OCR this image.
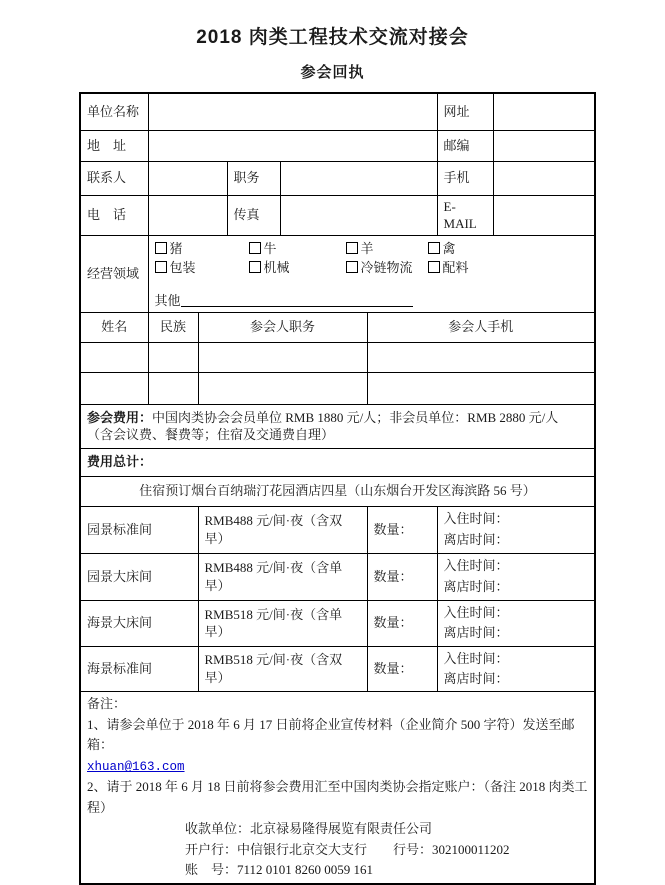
2018 肉类工程技术交流对接会
参会回执
单位名称						网址	
地　址						邮编	
联系人			职务			手机	
电　话			传真			E-MAIL	
经营领域	
猪	牛	羊	禽
包装	机械	冷链物流	配料
其他

姓名	民族	参会人职务			参会人手机		

参会费用：中国肉类协会会员单位 RMB 1880 元/人；非会员单位：RMB 2880 元/人
（含会议费、餐费等；住宿及交通费自理）							

费用总计：							
住宿预订烟台百纳瑞汀花园酒店四星（山东烟台开发区海滨路 56 号）							
园景标准间		RMB488 元/间·夜（含双早）			数量：	入住时间：
离店时间：	

园景大床间		RMB488 元/间·夜（含单早）			数量：	入住时间：
离店时间：	

海景大床间		RMB518 元/间·夜（含单早）			数量：	入住时间：
离店时间：	

海景标准间		RMB518 元/间·夜（含双早）			数量：	入住时间：
离店时间：	

备注：
1、请参会单位于 2018 年 6 月 17 日前将企业宣传材料（企业简介 500 字符）发送至邮箱：
xhuan@163.com
2、请于 2018 年 6 月 18 日前将参会费用汇至中国肉类协会指定账户：（备注 2018 肉类工程）
收款单位：北京禄易隆得展览有限责任公司
开户行：中信银行北京交大支行 行号：302100011202
账　号：7112 0101 8260 0059 161
